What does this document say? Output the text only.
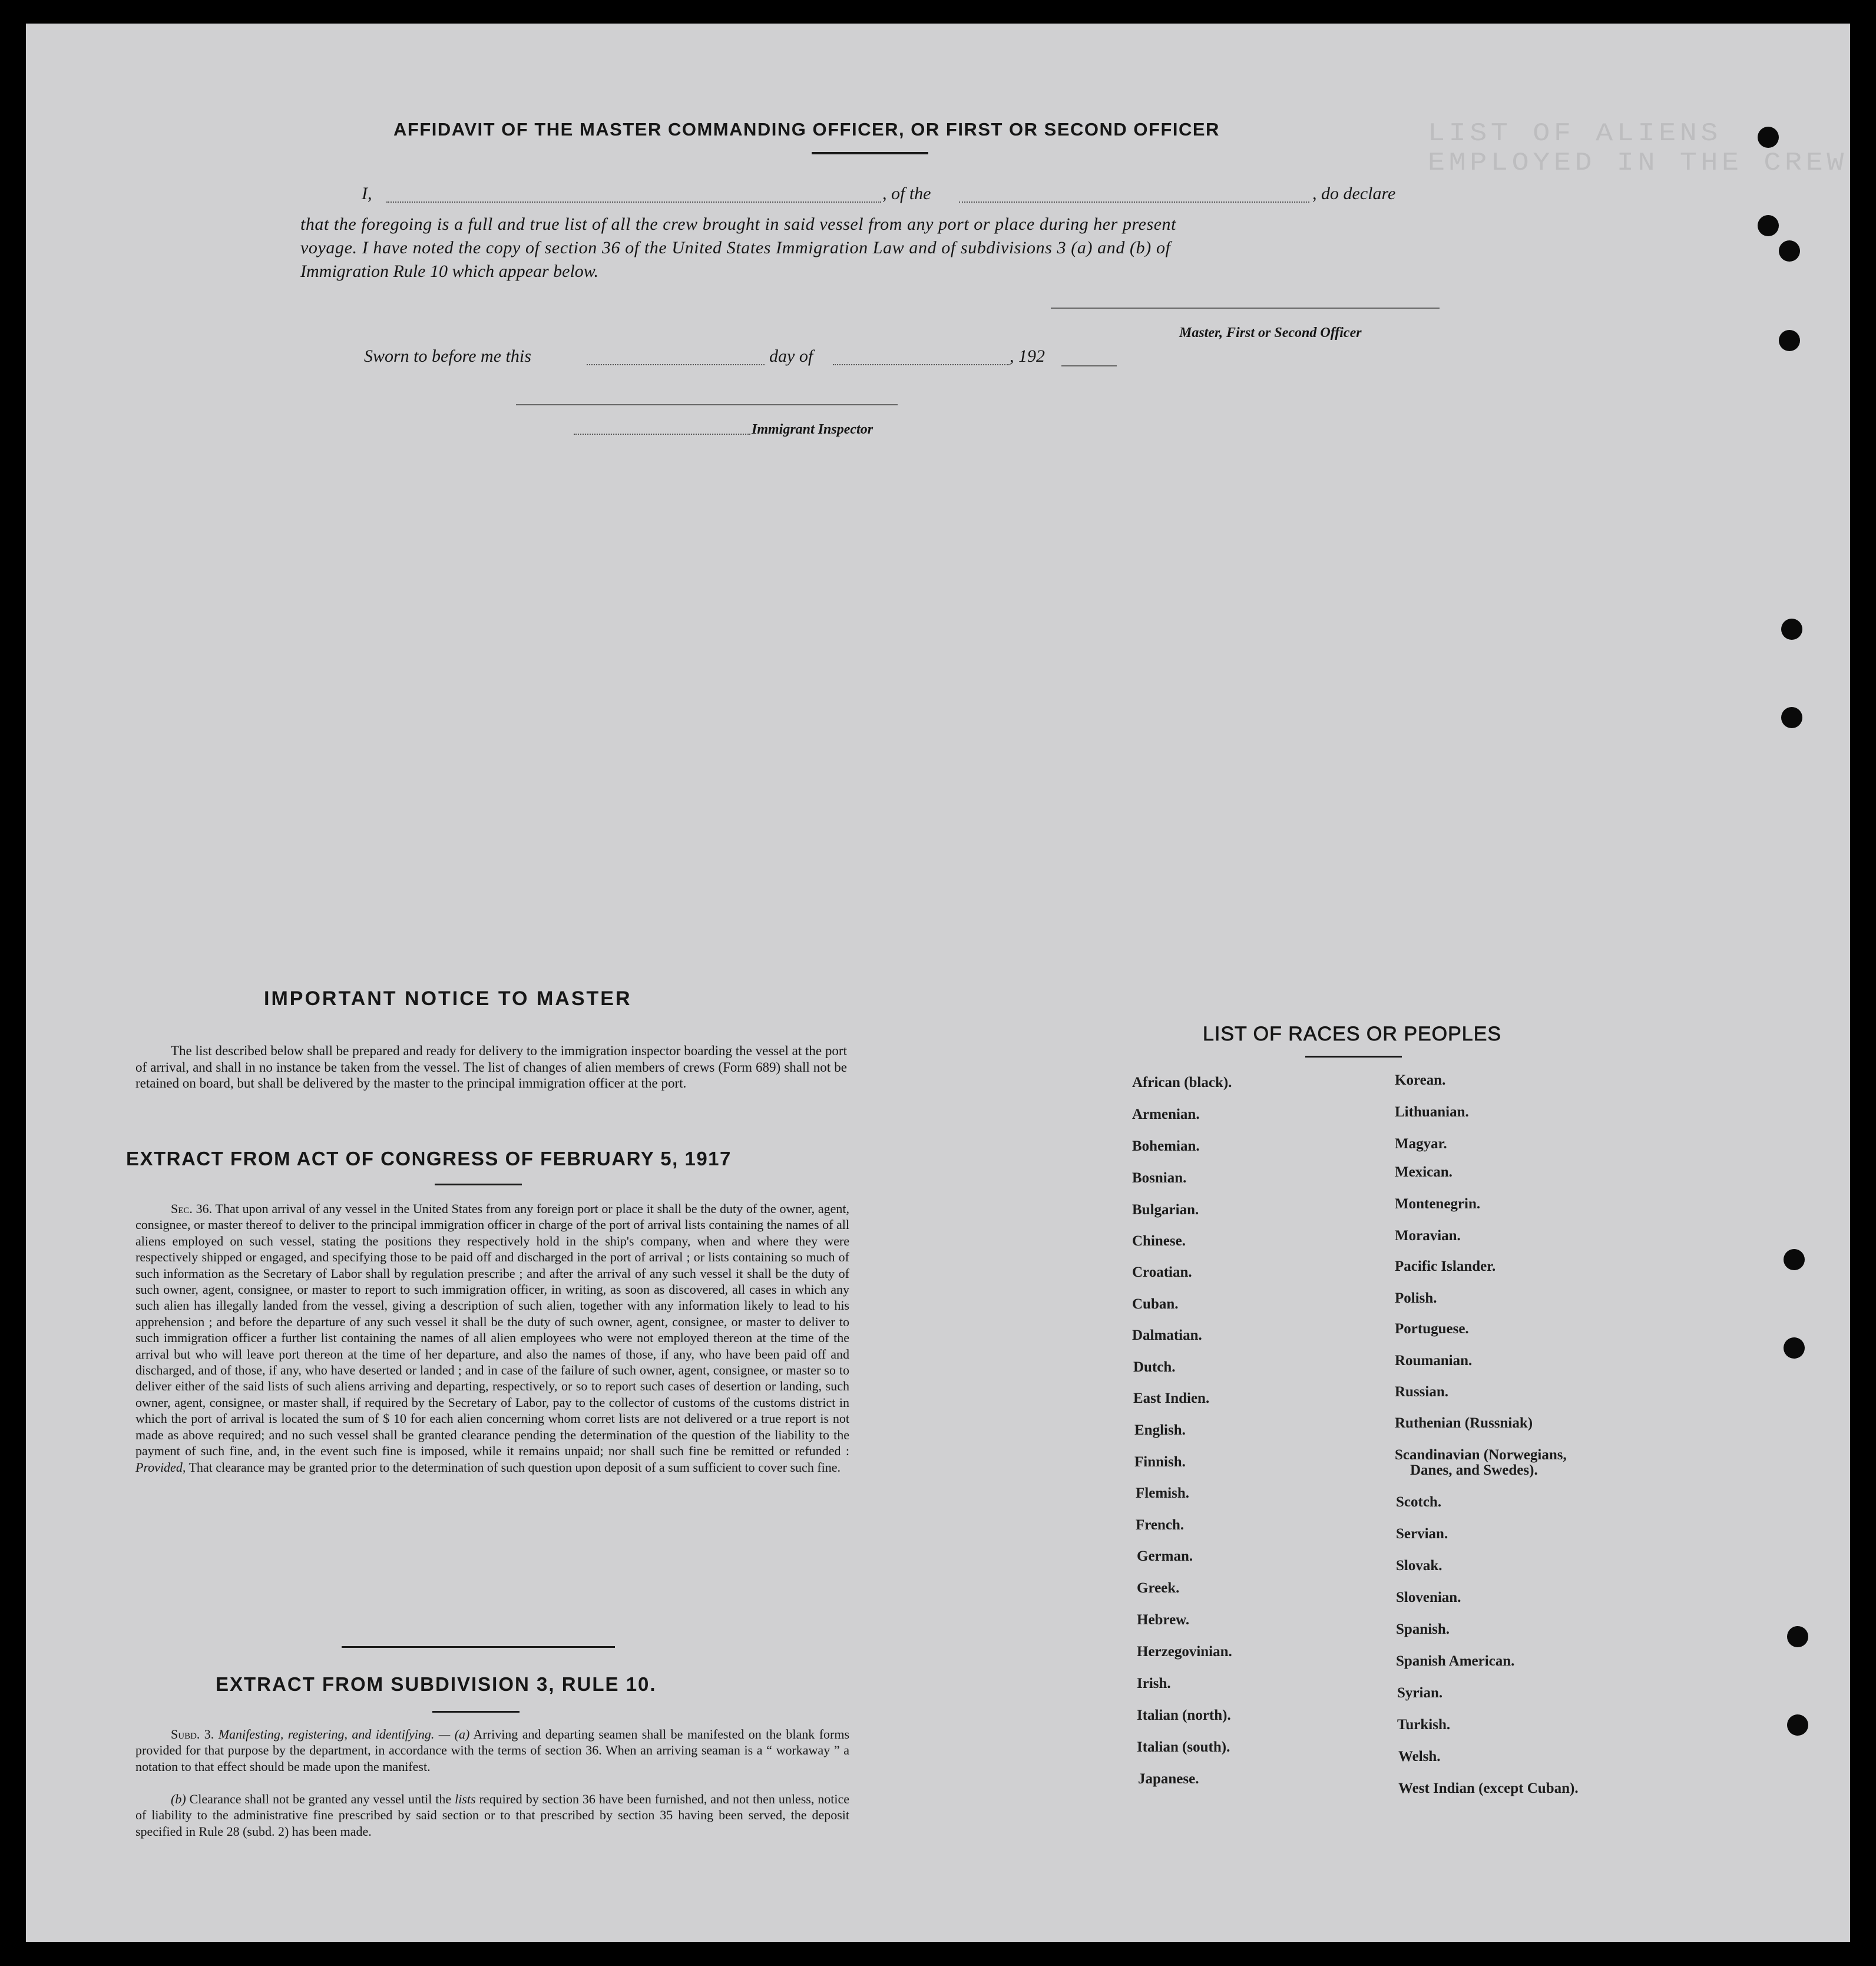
LIST OF ALIENS EMPLOYED IN THE CREW
AFFIDAVIT OF THE MASTER COMMANDING OFFICER, OR FIRST OR SECOND OFFICER
I,	, of the	, do declare
that the foregoing is a full and true list of all the crew brought in said vessel from any port or place during her present
voyage. I have noted the copy of section 36 of the United States Immigration Law and of subdivisions 3 (a) and (b) of
Immigration Rule 10 which appear below.
Master, First or Second Officer
Sworn to before me this	day of	, 192
Immigrant Inspector
IMPORTANT NOTICE TO MASTER
The list described below shall be prepared and ready for delivery to the immigration inspector boarding the vessel at the port of arrival, and shall in no instance be taken from the vessel. The list of changes of alien members of crews (Form 689) shall not be retained on board, but shall be delivered by the master to the principal immigration officer at the port.
EXTRACT FROM ACT OF CONGRESS OF FEBRUARY 5, 1917
Sec. 36. That upon arrival of any vessel in the United States from any foreign port or place it shall be the duty of the owner, agent, consignee, or master thereof to deliver to the principal immigration officer in charge of the port of arrival lists containing the names of all aliens employed on such vessel, stating the positions they respectively hold in the ship's company, when and where they were respectively shipped or engaged, and specifying those to be paid off and discharged in the port of arrival ; or lists containing so much of such information as the Secretary of Labor shall by regulation prescribe ; and after the arrival of any such vessel it shall be the duty of such owner, agent, consignee, or master to report to such immigration officer, in writing, as soon as discovered, all cases in which any such alien has illegally landed from the vessel, giving a description of such alien, together with any information likely to lead to his apprehension ; and before the departure of any such vessel it shall be the duty of such owner, agent, consignee, or master to deliver to such immigration officer a further list containing the names of all alien employees who were not employed thereon at the time of the arrival but who will leave port thereon at the time of her departure, and also the names of those, if any, who have been paid off and discharged, and of those, if any, who have deserted or landed ; and in case of the failure of such owner, agent, consignee, or master so to deliver either of the said lists of such aliens arriving and departing, respectively, or so to report such cases of desertion or landing, such owner, agent, consignee, or master shall, if required by the Secretary of Labor, pay to the collector of customs of the customs district in which the port of arrival is located the sum of $ 10 for each alien concerning whom corret lists are not delivered or a true report is not made as above required; and no such vessel shall be granted clearance pending the determination of the question of the liability to the payment of such fine, and, in the event such fine is imposed, while it remains unpaid; nor shall such fine be remitted or refunded : Provided, That clearance may be granted prior to the determination of such question upon deposit of a sum sufficient to cover such fine.
EXTRACT FROM SUBDIVISION 3, RULE 10.
Subd. 3. Manifesting, registering, and identifying. — (a) Arriving and departing seamen shall be manifested on the blank forms provided for that purpose by the department, in accordance with the terms of section 36. When an arriving seaman is a “ workaway ” a notation to that effect should be made upon the manifest.
(b) Clearance shall not be granted any vessel until the lists required by section 36 have been furnished, and not then unless, notice of liability to the administrative fine prescribed by said section or to that prescribed by section 35 having been served, the deposit specified in Rule 28 (subd. 2) has been made.
LIST OF RACES OR PEOPLES
African (black).
Armenian.
Bohemian.
Bosnian.
Bulgarian.
Chinese.
Croatian.
Cuban.
Dalmatian.
Dutch.
East Indien.
English.
Finnish.
Flemish.
French.
German.
Greek.
Hebrew.
Herzegovinian.
Irish.
Italian (north).
Italian (south).
Japanese.
Korean.
Lithuanian.
Magyar.
Mexican.
Montenegrin.
Moravian.
Pacific Islander.
Polish.
Portuguese.
Roumanian.
Russian.
Ruthenian (Russniak)
Scandinavian (Norwegians,
Danes, and Swedes).
Scotch.
Servian.
Slovak.
Slovenian.
Spanish.
Spanish American.
Syrian.
Turkish.
Welsh.
West Indian (except Cuban).
